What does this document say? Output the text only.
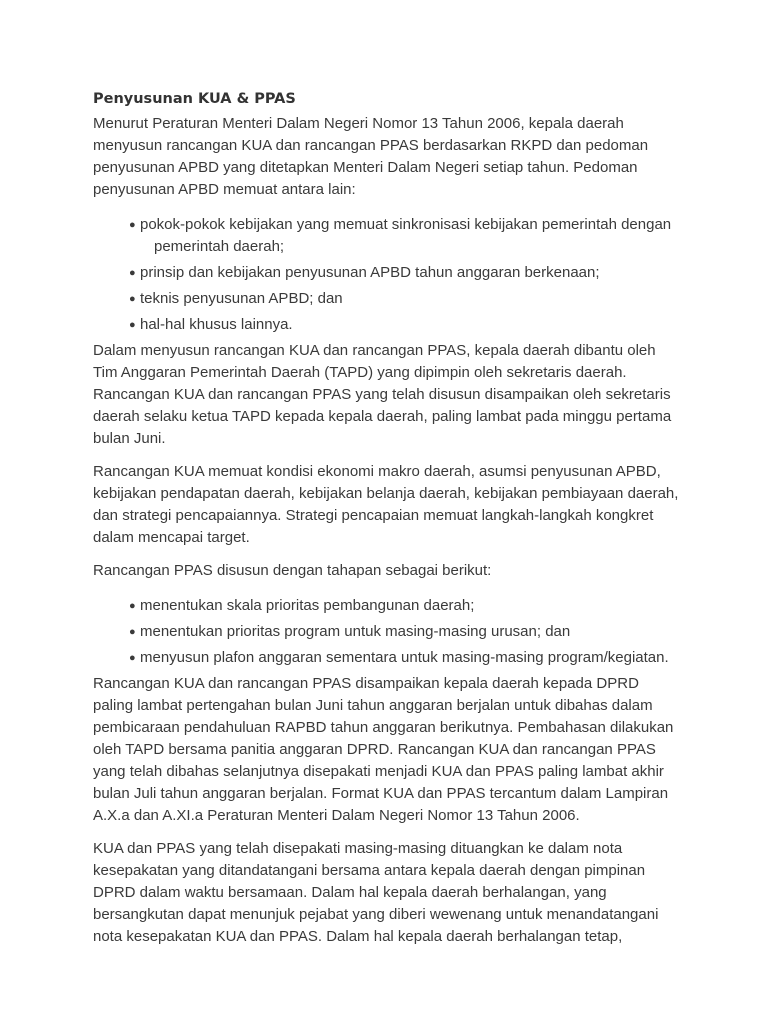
Penyusunan KUA & PPAS

Menurut Peraturan Menteri Dalam Negeri Nomor 13 Tahun 2006, kepala daerah menyusun rancangan KUA dan rancangan PPAS berdasarkan RKPD dan pedoman penyusunan APBD yang ditetapkan Menteri Dalam Negeri setiap tahun. Pedoman penyusunan APBD memuat antara lain:

● pokok-pokok kebijakan yang memuat sinkronisasi kebijakan pemerintah dengan
pemerintah daerah;
● prinsip dan kebijakan penyusunan APBD tahun anggaran berkenaan;
● teknis penyusunan APBD; dan
● hal-hal khusus lainnya.

Dalam menyusun rancangan KUA dan rancangan PPAS, kepala daerah dibantu oleh Tim Anggaran Pemerintah Daerah (TAPD) yang dipimpin oleh sekretaris daerah. Rancangan KUA dan rancangan PPAS yang telah disusun disampaikan oleh sekretaris daerah selaku ketua TAPD kepada kepala daerah, paling lambat pada minggu pertama bulan Juni.

Rancangan KUA memuat kondisi ekonomi makro daerah, asumsi penyusunan APBD, kebijakan pendapatan daerah, kebijakan belanja daerah, kebijakan pembiayaan daerah, dan strategi pencapaiannya. Strategi pencapaian memuat langkah-langkah kongkret dalam mencapai target.

Rancangan PPAS disusun dengan tahapan sebagai berikut:

● menentukan skala prioritas pembangunan daerah;
● menentukan prioritas program untuk masing-masing urusan; dan
● menyusun plafon anggaran sementara untuk masing-masing program/kegiatan.

Rancangan KUA dan rancangan PPAS disampaikan kepala daerah kepada DPRD paling lambat pertengahan bulan Juni tahun anggaran berjalan untuk dibahas dalam pembicaraan pendahuluan RAPBD tahun anggaran berikutnya. Pembahasan dilakukan oleh TAPD bersama panitia anggaran DPRD. Rancangan KUA dan rancangan PPAS yang telah dibahas selanjutnya disepakati menjadi KUA dan PPAS paling lambat akhir bulan Juli tahun anggaran berjalan. Format KUA dan PPAS tercantum dalam Lampiran A.X.a dan A.XI.a Peraturan Menteri Dalam Negeri Nomor 13 Tahun 2006.

KUA dan PPAS yang telah disepakati masing-masing dituangkan ke dalam nota kesepakatan yang ditandatangani bersama antara kepala daerah dengan pimpinan DPRD dalam waktu bersamaan. Dalam hal kepala daerah berhalangan, yang bersangkutan dapat menunjuk pejabat yang diberi wewenang untuk menandatangani nota kesepakatan KUA dan PPAS. Dalam hal kepala daerah berhalangan tetap,
